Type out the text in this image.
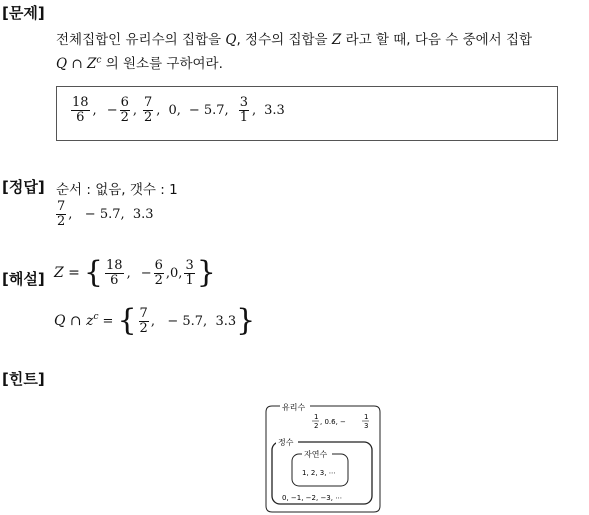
[문제]
전체집합인 유리수의 집합을 Q, 정수의 집합을 Z 라고 할 때, 다음 수 중에서 집합
Q ∩ $Z^c$ 의 원소를 구하여라.
$\frac{18}{6}$ , − $\frac{6}{2}$ , $\frac{7}{2}$ , 0, − 5.7, $\frac{3}{1}$ , 3.3
[정답] 순서 : 없음, 갯수 : 1
$\frac{7}{2}$ ,   − 5.7,  3.3
[해설] Z = { $\frac{18}{6}$ , − $\frac{6}{2} ,0$, $\frac{3}{1}$ }
Q ∩ $z^c$ = { $\frac{7}{2}$ ,   − 5.7,  3.3 }
[힌트]
유리수
1
2 , 0.6, −
1
3
정수
0, −1, −2, −3, ⋯
자연수
1, 2, 3, ⋯
